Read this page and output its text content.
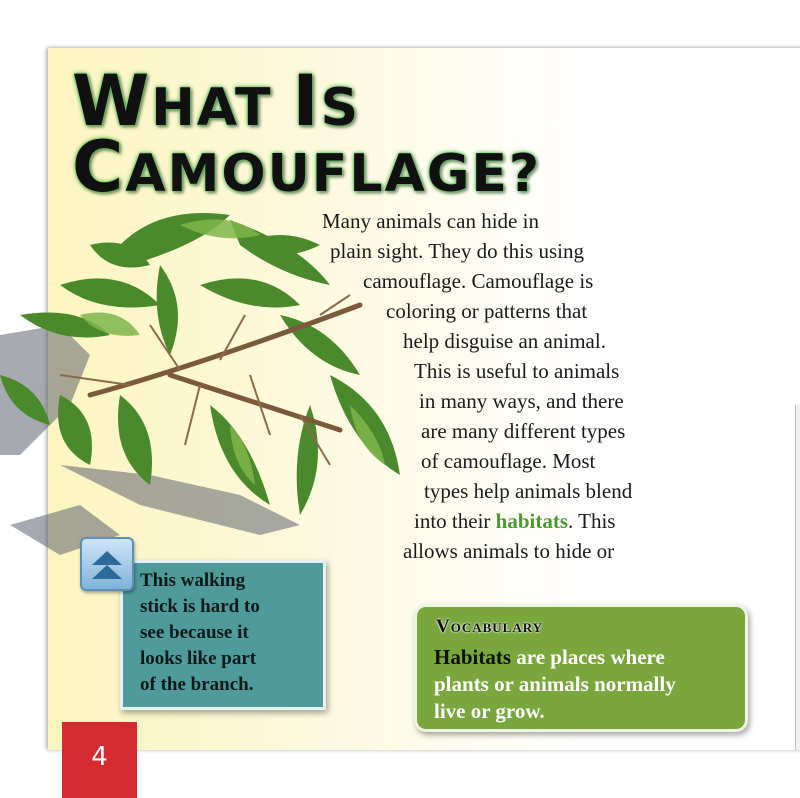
WHAT IS
CAMOUFLAGE?
Many animals can hide in
plain sight. They do this using
camouflage. Camouflage is
coloring or patterns that
help disguise an animal.
This is useful to animals
in many ways, and there
are many different types
of camouflage. Most
types help animals blend
into their habitats. This
allows animals to hide or
This walking
stick is hard to
see because it
looks like part
of the branch.
Vocabulary
Habitats are places where
plants or animals normally
live or grow.
4
